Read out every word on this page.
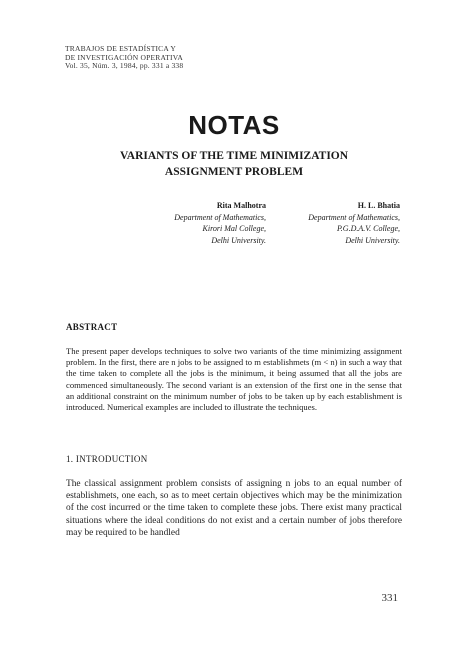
TRABAJOS DE ESTADÍSTICA Y
DE INVESTIGACIÓN OPERATIVA
Vol. 35, Núm. 3, 1984, pp. 331 a 338
NOTAS
VARIANTS OF THE TIME MINIMIZATION
ASSIGNMENT PROBLEM
Rita Malhotra
Department of Mathematics,
Kirori Mal College,
Delhi University.
H. L. Bhatia
Department of Mathematics,
P.G.D.A.V. College,
Delhi University.
ABSTRACT
The present paper develops techniques to solve two variants of the time minimizing assignment problem. In the first, there are n jobs to be assigned to m establishmets (m < n) in such a way that the time taken to complete all the jobs is the minimum, it being assumed that all the jobs are commenced simultaneously. The second variant is an extension of the first one in the sense that an additional constraint on the minimum number of jobs to be taken up by each establishment is introduced. Numerical examples are included to illustrate the techniques.
1. INTRODUCTION
The classical assignment problem consists of assigning n jobs to an equal number of establishmets, one each, so as to meet certain objectives which may be the minimization of the cost incurred or the time taken to complete these jobs. There exist many practical situations where the ideal conditions do not exist and a certain number of jobs therefore may be required to be handled
331
